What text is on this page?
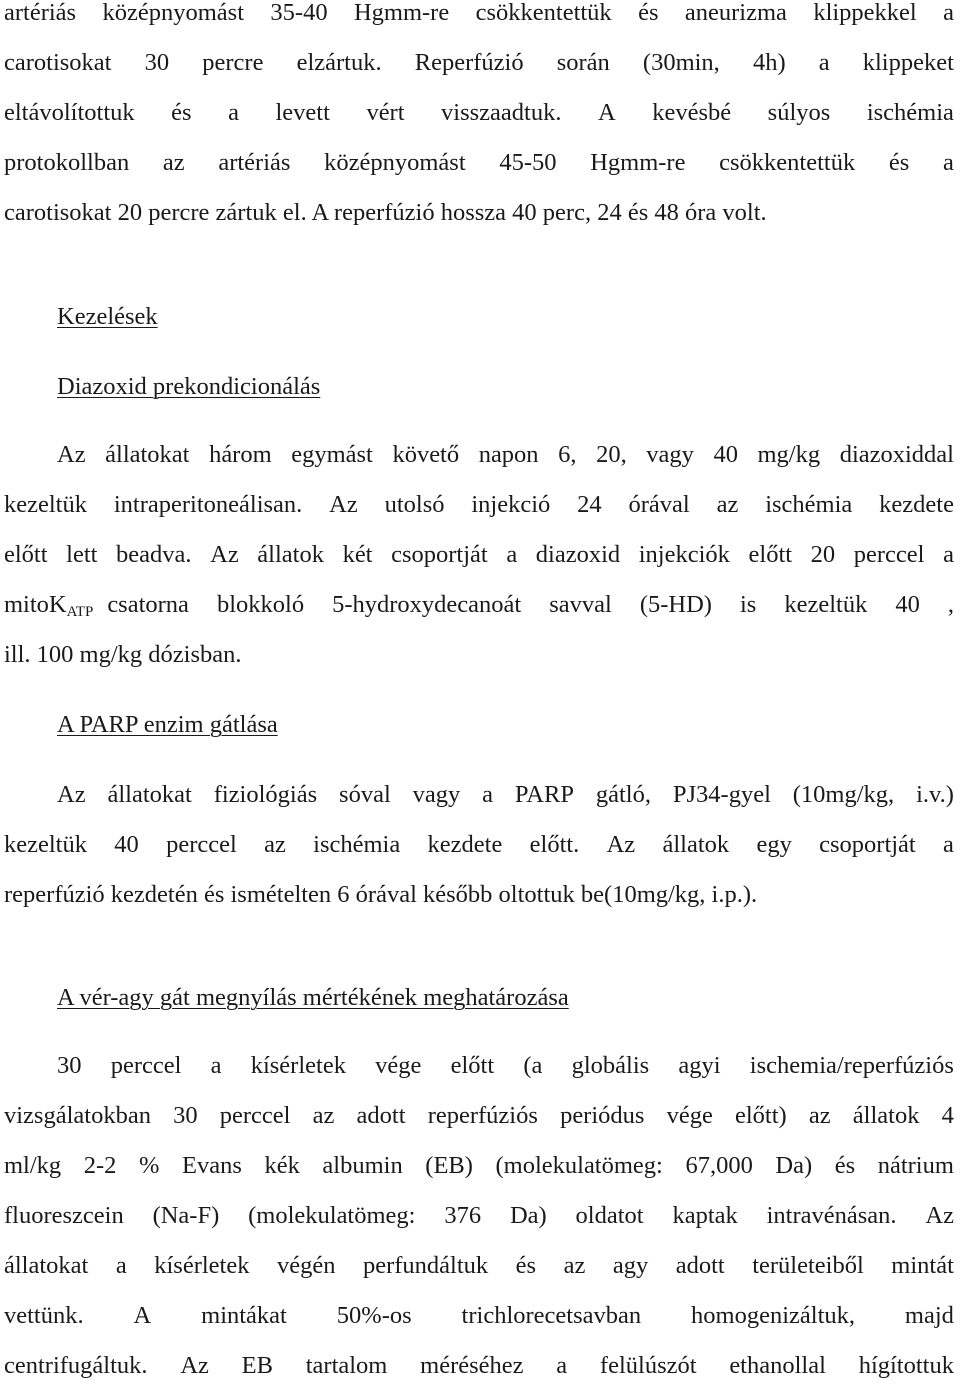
artériás középnyomást 35-40 Hgmm-re csökkentettük és aneurizma klippekkel a
carotisokat 30 percre elzártuk. Reperfúzió során (30min, 4h) a klippeket
eltávolítottuk és a levett vért visszaadtuk. A kevésbé súlyos ischémia
protokollban az artériás középnyomást 45-50 Hgmm-re csökkentettük és a
carotisokat 20 percre zártuk el. A reperfúzió hossza 40 perc, 24 és 48 óra volt.
Kezelések
Diazoxid prekondicionálás
Az állatokat három egymást követő napon 6, 20, vagy 40 mg/kg diazoxiddal
kezeltük intraperitoneálisan. Az utolsó injekció 24 órával az ischémia kezdete
előtt lett beadva. Az állatok két csoportját a diazoxid injekciók előtt 20 perccel a
mitoK$_{ATP}$ csatorna blokkoló 5-hydroxydecanoát savval (5-HD) is kezeltük 40 ,
ill. 100 mg/kg dózisban.
A PARP enzim gátlása
Az állatokat fiziológiás sóval vagy a PARP gátló, PJ34-gyel (10mg/kg, i.v.)
kezeltük 40 perccel az ischémia kezdete előtt. Az állatok egy csoportját a
reperfúzió kezdetén és ismételten 6 órával később oltottuk be(10mg/kg, i.p.).
A vér-agy gát megnyílás mértékének meghatározása
30 perccel a kísérletek vége előtt (a globális agyi ischemia/reperfúziós
vizsgálatokban 30 perccel az adott reperfúziós periódus vége előtt) az állatok 4
ml/kg 2-2 % Evans kék albumin (EB) (molekulatömeg: 67,000 Da) és nátrium
fluoreszcein (Na-F) (molekulatömeg: 376 Da) oldatot kaptak intravénásan. Az
állatokat a kísérletek végén perfundáltuk és az agy adott területeiből mintát
vettünk. A mintákat 50%-os trichlorecetsavban homogenizáltuk, majd
centrifugáltuk. Az EB tartalom méréséhez a felülúszót ethanollal hígítottuk
